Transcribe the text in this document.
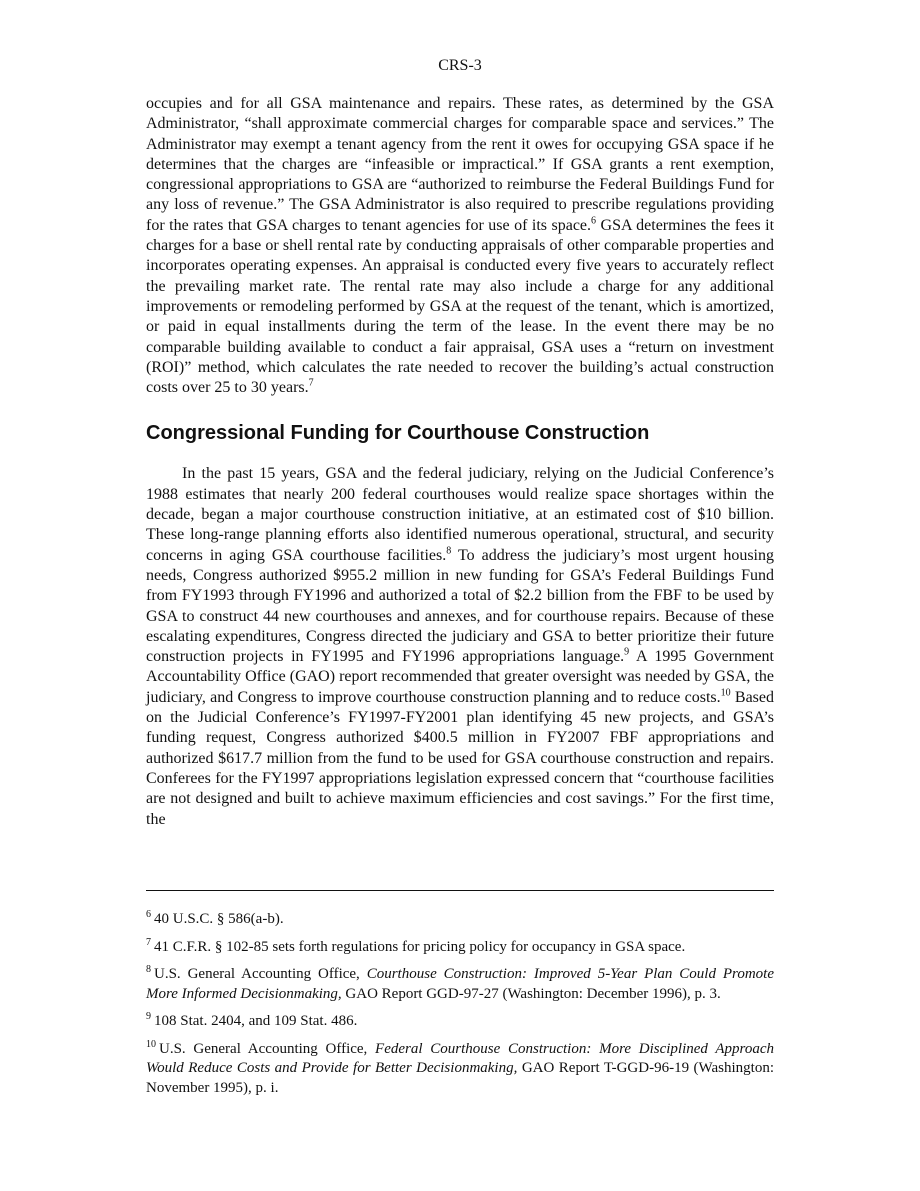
CRS-3

occupies and for all GSA maintenance and repairs. These rates, as determined by the GSA Administrator, “shall approximate commercial charges for comparable space and services.” The Administrator may exempt a tenant agency from the rent it owes for occupying GSA space if he determines that the charges are “infeasible or impractical.” If GSA grants a rent exemption, congressional appropriations to GSA are “authorized to reimburse the Federal Buildings Fund for any loss of revenue.” The GSA Administrator is also required to prescribe regulations providing for the rates that GSA charges to tenant agencies for use of its space.$^6$ GSA determines the fees it charges for a base or shell rental rate by conducting appraisals of other comparable properties and incorporates operating expenses. An appraisal is conducted every five years to accurately reflect the prevailing market rate. The rental rate may also include a charge for any additional improvements or remodeling performed by GSA at the request of the tenant, which is amortized, or paid in equal installments during the term of the lease. In the event there may be no comparable building available to conduct a fair appraisal, GSA uses a “return on investment (ROI)” method, which calculates the rate needed to recover the building’s actual construction costs over 25 to 30 years.$^7$

Congressional Funding for Courthouse Construction

In the past 15 years, GSA and the federal judiciary, relying on the Judicial Conference’s 1988 estimates that nearly 200 federal courthouses would realize space shortages within the decade, began a major courthouse construction initiative, at an estimated cost of $10 billion. These long-range planning efforts also identified numerous operational, structural, and security concerns in aging GSA courthouse facilities.$^8$ To address the judiciary’s most urgent housing needs, Congress authorized $955.2 million in new funding for GSA’s Federal Buildings Fund from FY1993 through FY1996 and authorized a total of $2.2 billion from the FBF to be used by GSA to construct 44 new courthouses and annexes, and for courthouse repairs. Because of these escalating expenditures, Congress directed the judiciary and GSA to better prioritize their future construction projects in FY1995 and FY1996 appropriations language.$^9$ A 1995 Government Accountability Office (GAO) report recommended that greater oversight was needed by GSA, the judiciary, and Congress to improve courthouse construction planning and to reduce costs.$^{10}$ Based on the Judicial Conference’s FY1997-FY2001 plan identifying 45 new projects, and GSA’s funding request, Congress authorized $400.5 million in FY2007 FBF appropriations and authorized $617.7 million from the fund to be used for GSA courthouse construction and repairs. Conferees for the FY1997 appropriations legislation expressed concern that “courthouse facilities are not designed and built to achieve maximum efficiencies and cost savings.” For the first time, the

$^6$ 40 U.S.C. § 586(a-b).

$^7$ 41 C.F.R. § 102-85 sets forth regulations for pricing policy for occupancy in GSA space.

$^8$ U.S. General Accounting Office, Courthouse Construction: Improved 5-Year Plan Could Promote More Informed Decisionmaking, GAO Report GGD-97-27 (Washington: December 1996), p. 3.

$^9$ 108 Stat. 2404, and 109 Stat. 486.

$^{10}$ U.S. General Accounting Office, Federal Courthouse Construction: More Disciplined Approach Would Reduce Costs and Provide for Better Decisionmaking, GAO Report T-GGD-96-19 (Washington: November 1995), p. i.
